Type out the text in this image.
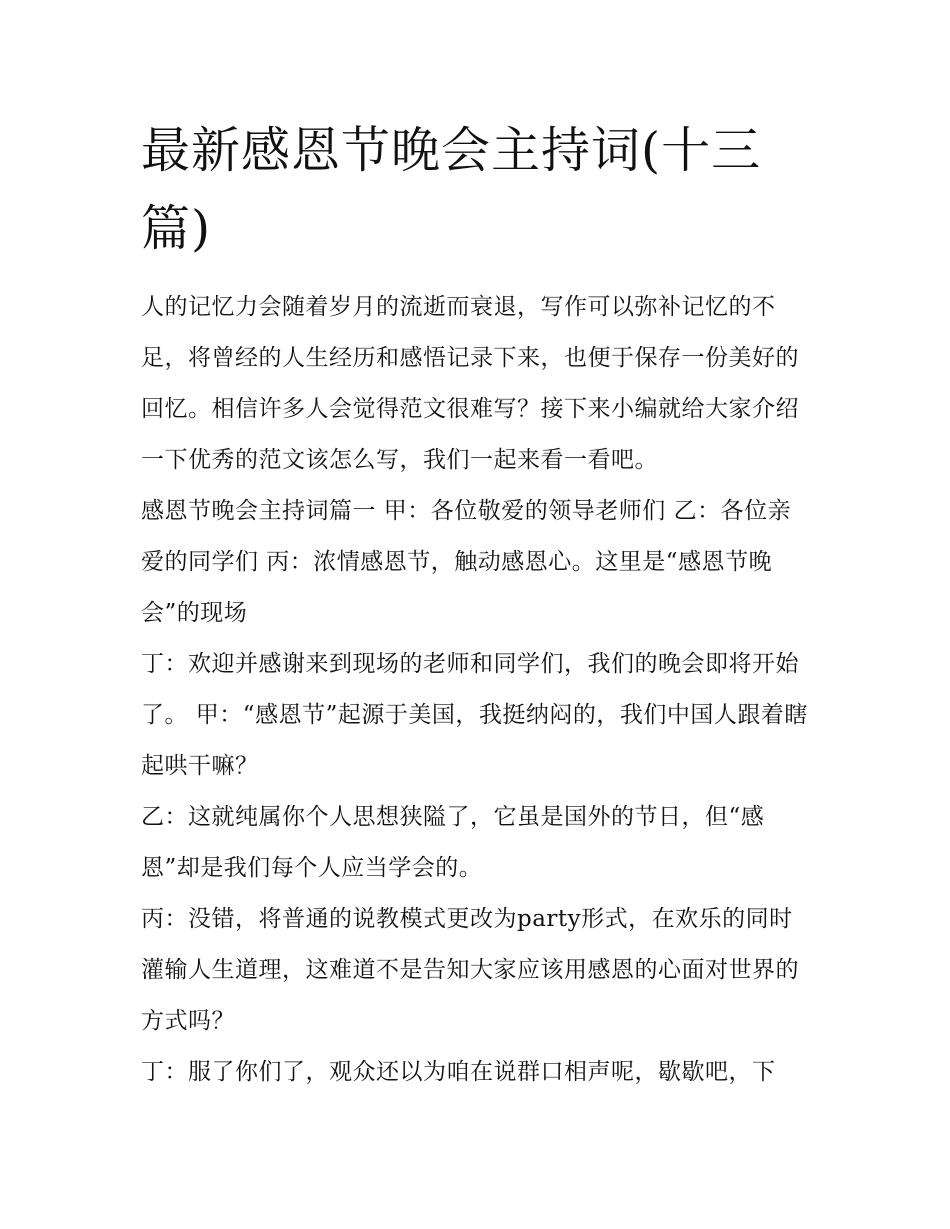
最新感恩节晚会主持词(十三篇)

人的记忆力会随着岁月的流逝而衰退，写作可以弥补记忆的不足，将曾经的人生经历和感悟记录下来，也便于保存一份美好的回忆。相信许多人会觉得范文很难写？接下来小编就给大家介绍一下优秀的范文该怎么写，我们一起来看一看吧。

感恩节晚会主持词篇一 甲：各位敬爱的领导老师们 乙：各位亲爱的同学们 丙：浓情感恩节，触动感恩心。这里是“感恩节晚会”的现场

丁：欢迎并感谢来到现场的老师和同学们，我们的晚会即将开始了。 甲：“感恩节”起源于美国，我挺纳闷的，我们中国人跟着瞎起哄干嘛？

乙：这就纯属你个人思想狭隘了，它虽是国外的节日，但“感恩”却是我们每个人应当学会的。

丙：没错，将普通的说教模式更改为party形式，在欢乐的同时灌输人生道理，这难道不是告知大家应该用感恩的心面对世界的方式吗？

丁：服了你们了，观众还以为咱在说群口相声呢，歇歇吧，下
